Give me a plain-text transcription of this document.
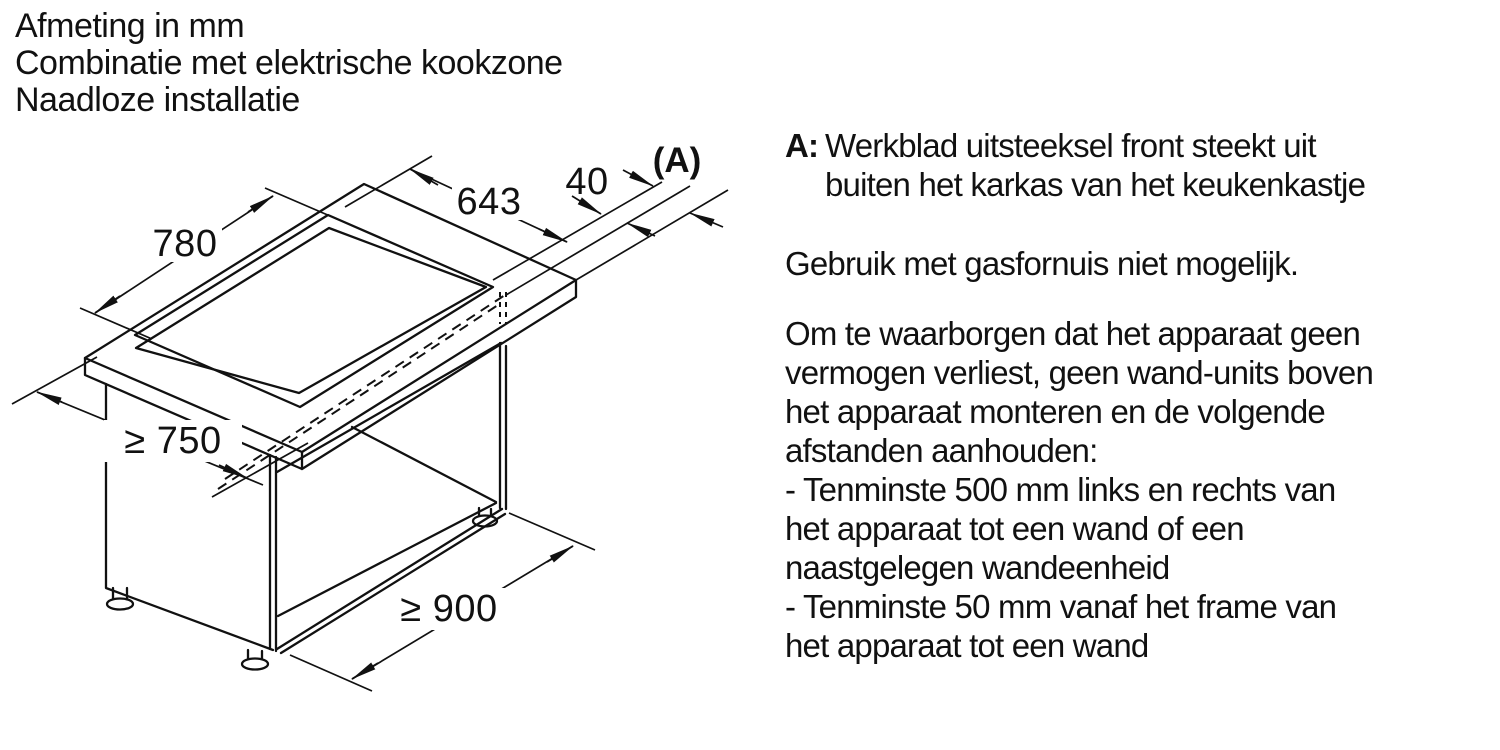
Afmeting in mm
Combinatie met elektrische kookzone
Naadloze installatie
780
643 40
(A)
≥ 750
≥ 900
A: Werkblad uitsteeksel front steekt uit
buiten het karkas van het keukenkastje
Gebruik met gasfornuis niet mogelijk.
Om te waarborgen dat het apparaat geen
vermogen verliest, geen wand-units boven
het apparaat monteren en de volgende
afstanden aanhouden:
- Tenminste 500 mm links en rechts van
het apparaat tot een wand of een
naastgelegen wandeenheid
- Tenminste 50 mm vanaf het frame van
het apparaat tot een wand
